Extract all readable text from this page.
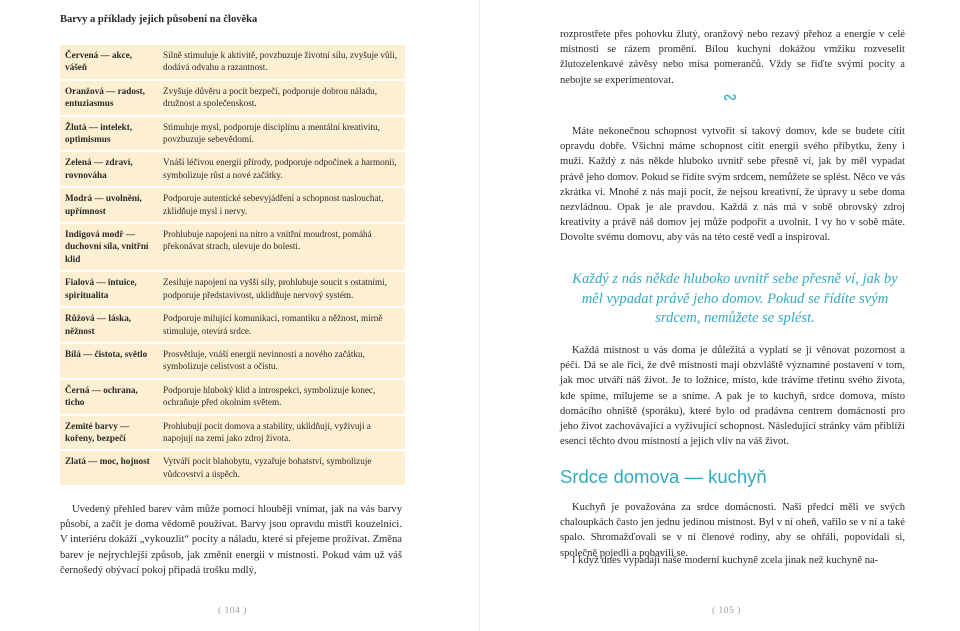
Barvy a příklady jejich působení na člověka
Červená — akce, vášeň	Silně stimuluje k aktivitě, povzbuzuje životní sílu, zvyšuje vůli, dodává odvahu a razantnost.
Oranžová — radost, entuziasmus	Zvyšuje důvěru a pocit bezpečí, podporuje dobrou náladu, družnost a společenskost.
Žlutá — intelekt, optimismus	Stimuluje mysl, podporuje disciplínu a mentální kreativitu, povzbuzuje sebevědomí.
Zelená — zdraví, rovnováha	Vnáší léčivou energii přírody, podporuje odpočinek a harmonii, symbolizuje růst a nové začátky.
Modrá — uvolnění, upřímnost	Podporuje autentické sebevyjádření a schopnost naslouchat, zklidňuje mysl i nervy.
Indigová modř — duchovní síla, vnitřní klid	Prohlubuje napojení na nitro a vnitřní moudrost, pomáhá překonávat strach, ulevuje do bolesti.
Fialová — intuice, spiritualita	Zesiluje napojení na vyšší síly, prohlubuje soucit s ostatními, podporuje představivost, uklidňuje nervový systém.
Růžová — láska, něžnost	Podporuje milující komunikaci, romantiku a něžnost, mírně stimuluje, otevírá srdce.
Bílá — čistota, světlo	Prosvětluje, vnáší energii nevinnosti a nového začátku, symbolizuje celistvost a očistu.
Černá — ochrana, ticho	Podporuje hluboký klid a introspekci, symbolizuje konec, ochraňuje před okolním světem.
Zemité barvy — kořeny, bezpečí	Prohlubují pocit domova a stability, uklidňují, vyživují a napojují na zemi jako zdroj života.
Zlatá — moc, hojnost	Vytváří pocit blahobytu, vyzařuje bohatství, symbolizuje vůdcovství a úspěch.

Uvedený přehled barev vám může pomoci hlouběji vnímat, jak na vás barvy působí, a začít je doma vědomě používat. Barvy jsou opravdu mistři kouzelníci. V interiéru dokáží „vykouzlit“ pocity a náladu, které si přejeme prožívat. Změna barev je nejrychlejší způsob, jak změnit energii v místnosti. Pokud vám už váš černošedý obývací pokoj připadá trošku mdlý,

( 104 )

rozprostřete přes pohovku žlutý, oranžový nebo rezavý přehoz a energie v celé místnosti se rázem promění. Bílou kuchyni dokážou vmžiku rozveselit žlutozelenkavé závěsy nebo mísa pomerančů. Vždy se řiďte svými pocity a nebojte se experimentovat.

∾

Máte nekonečnou schopnost vytvořit si takový domov, kde se budete cítit opravdu dobře. Všichni máme schopnost cítit energii svého příbytku, ženy i muži. Každý z nás někde hluboko uvnitř sebe přesně ví, jak by měl vypadat právě jeho domov. Pokud se řídíte svým srdcem, nemůžete se splést. Něco ve vás zkrátka ví. Mnohé z nás mají pocit, že nejsou kreativní, že úpravy u sebe doma nezvládnou. Opak je ale pravdou. Každá z nás má v sobě obrovský zdroj kreativity a právě náš domov jej může podpořit a uvolnit. I vy ho v sobě máte. Dovolte svému domovu, aby vás na této cestě vedl a inspiroval.

Každý z nás někde hluboko uvnitř sebe přesně ví, jak by měl vypadat právě jeho domov. Pokud se řídíte svým srdcem, nemůžete se splést.

Každá místnost u vás doma je důležitá a vyplatí se jí věnovat pozornost a péči. Dá se ale říci, že dvě místnosti mají obzvláště významné postavení v tom, jak moc utváří náš život. Je to ložnice, místo, kde trávíme třetinu svého života, kde spíme, milujeme se a sníme. A pak je to kuchyň, srdce domova, místo domácího ohniště (sporáku), které bylo od pradávna centrem domácnosti pro jeho život zachovávající a vyživující schopnost. Následující stránky vám přiblíží esenci těchto dvou místností a jejich vliv na váš život.

Srdce domova — kuchyň

Kuchyň je považována za srdce domácnosti. Naši předci měli ve svých chaloupkách často jen jednu jedinou místnost. Byl v ní oheň, vařilo se v ní a také spalo. Shromažďovali se v ní členové rodiny, aby se ohřáli, popovídali si, společně pojedli a pobavili se.

I když dnes vypadají naše moderní kuchyně zcela jinak než kuchyně na-

( 105 )
